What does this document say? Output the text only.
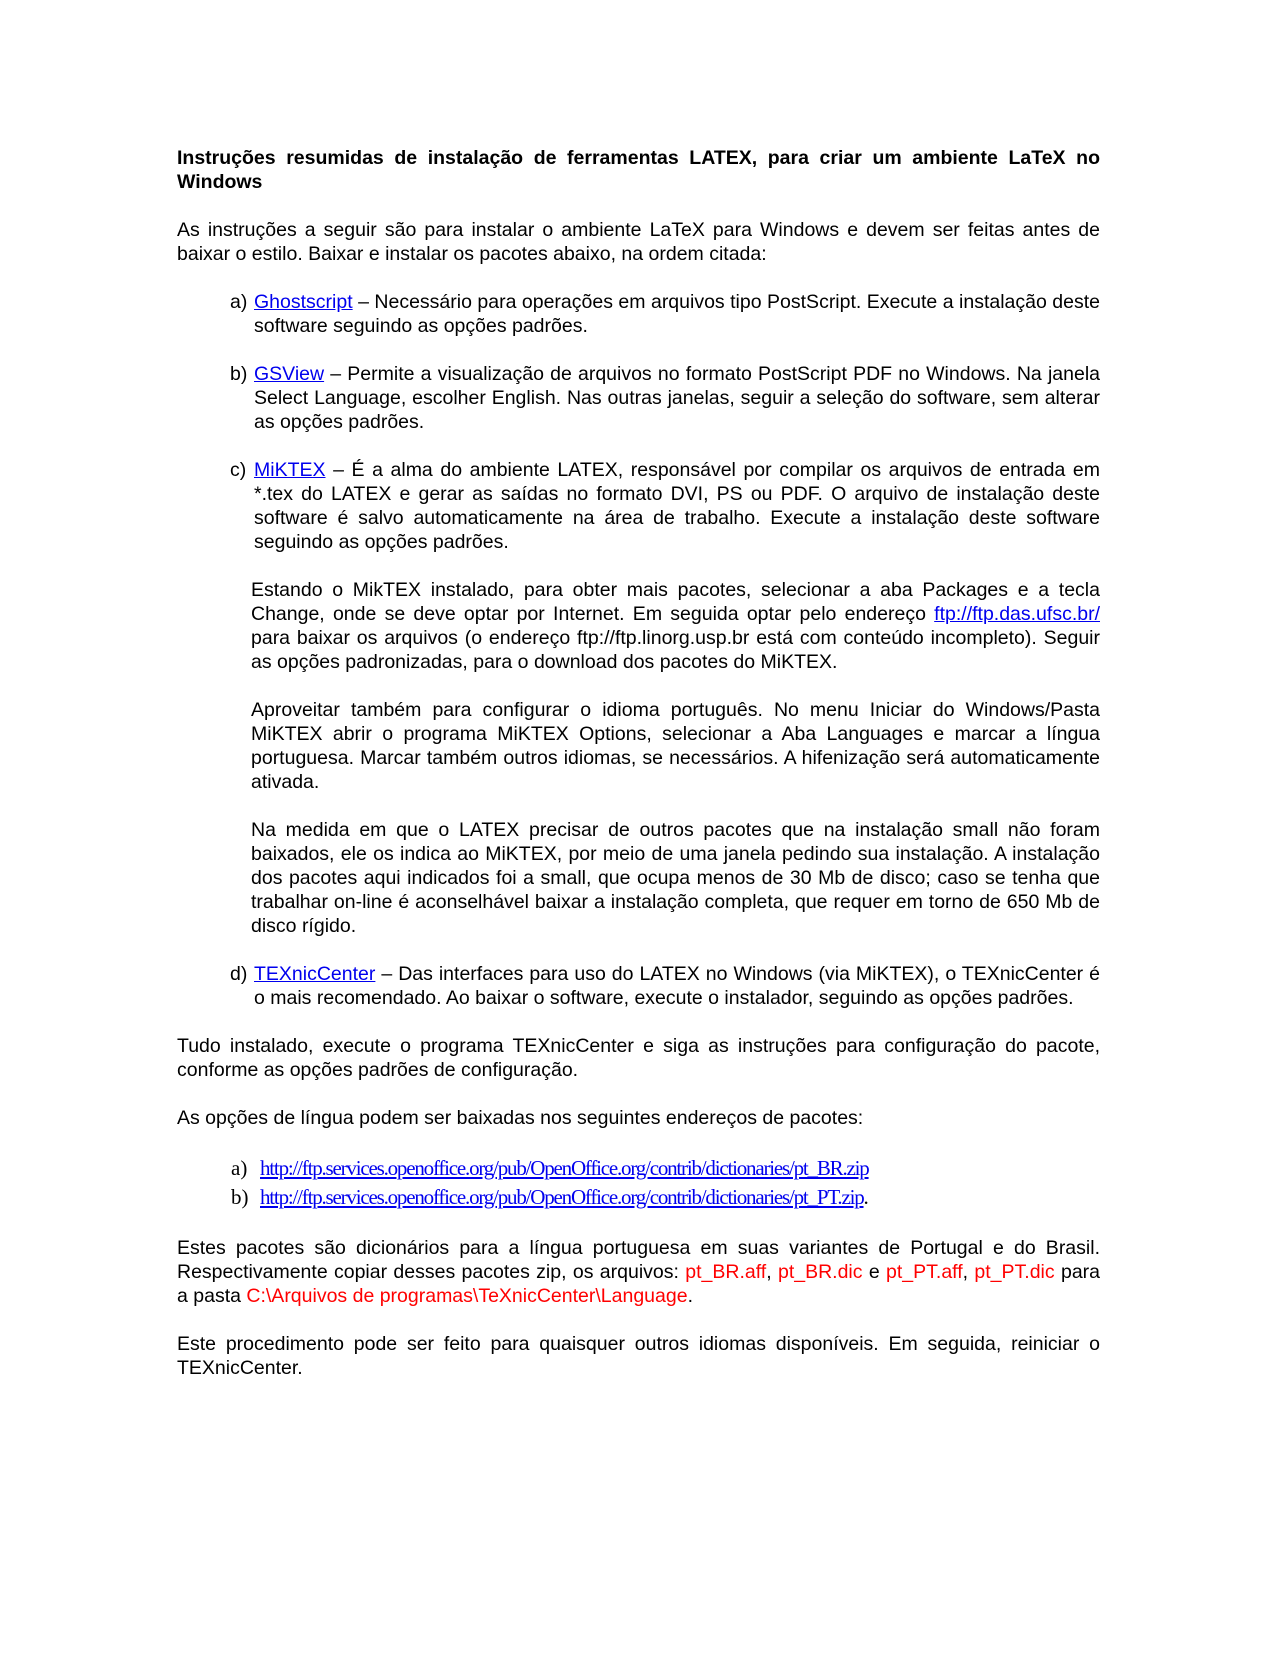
Instruções resumidas de instalação de ferramentas LATEX, para criar um ambiente LaTeX no Windows

As instruções a seguir são para instalar o ambiente LaTeX para Windows e devem ser feitas antes de baixar o estilo. Baixar e instalar os pacotes abaixo, na ordem citada:

a) Ghostscript – Necessário para operações em arquivos tipo PostScript. Execute a instalação deste software seguindo as opções padrões.
b) GSView – Permite a visualização de arquivos no formato PostScript PDF no Windows. Na janela Select Language, escolher English. Nas outras janelas, seguir a seleção do software, sem alterar as opções padrões.
c) MiKTEX – É a alma do ambiente LATEX, responsável por compilar os arquivos de entrada em *.tex do LATEX e gerar as saídas no formato DVI, PS ou PDF. O arquivo de instalação deste software é salvo automaticamente na área de trabalho. Execute a instalação deste software seguindo as opções padrões.
Estando o MikTEX instalado, para obter mais pacotes, selecionar a aba Packages e a tecla Change, onde se deve optar por Internet. Em seguida optar pelo endereço ftp://ftp.das.ufsc.br/ para baixar os arquivos (o endereço ftp://ftp.linorg.usp.br está com conteúdo incompleto). Seguir as opções padronizadas, para o download dos pacotes do MiKTEX.
Aproveitar também para configurar o idioma português. No menu Iniciar do Windows/Pasta MiKTEX abrir o programa MiKTEX Options, selecionar a Aba Languages e marcar a língua portuguesa. Marcar também outros idiomas, se necessários. A hifenização será automaticamente ativada.
Na medida em que o LATEX precisar de outros pacotes que na instalação small não foram baixados, ele os indica ao MiKTEX, por meio de uma janela pedindo sua instalação. A instalação dos pacotes aqui indicados foi a small, que ocupa menos de 30 Mb de disco; caso se tenha que trabalhar on-line é aconselhável baixar a instalação completa, que requer em torno de 650 Mb de disco rígido.
d) TEXnicCenter – Das interfaces para uso do LATEX no Windows (via MiKTEX), o TEXnicCenter é o mais recomendado. Ao baixar o software, execute o instalador, seguindo as opções padrões.

Tudo instalado, execute o programa TEXnicCenter e siga as instruções para configuração do pacote, conforme as opções padrões de configuração.

As opções de língua podem ser baixadas nos seguintes endereços de pacotes:

a) http://ftp.services.openoffice.org/pub/OpenOffice.org/contrib/dictionaries/pt_BR.zip
b) http://ftp.services.openoffice.org/pub/OpenOffice.org/contrib/dictionaries/pt_PT.zip.

Estes pacotes são dicionários para a língua portuguesa em suas variantes de Portugal e do Brasil. Respectivamente copiar desses pacotes zip, os arquivos: pt_BR.aff, pt_BR.dic e pt_PT.aff, pt_PT.dic para a pasta C:\Arquivos de programas\TeXnicCenter\Language.

Este procedimento pode ser feito para quaisquer outros idiomas disponíveis. Em seguida, reiniciar o TEXnicCenter.
